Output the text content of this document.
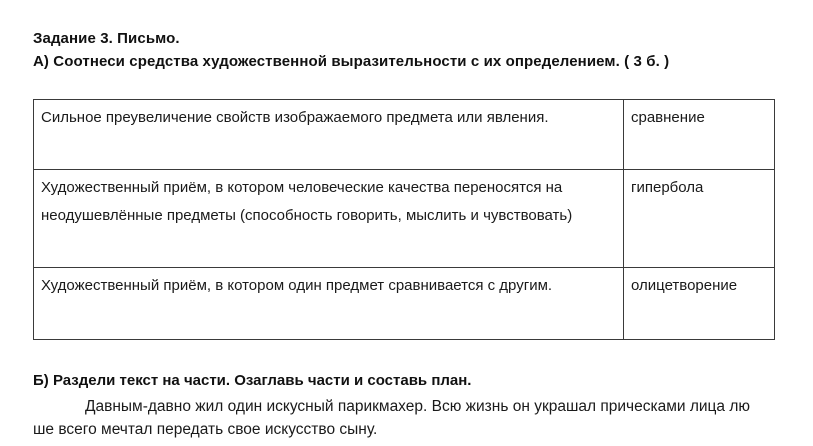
Задание 3. Письмо.
А) Соотнеси средства художественной выразительности с их определением. ( 3 б. )
Сильное преувеличение свойств изображаемого предмета или явления.	сравнение
Художественный приём, в котором человеческие качества переносятся на неодушевлённые предметы (способность говорить, мыслить и чувствовать)	гипербола
Художественный приём, в котором один предмет сравнивается с другим.	олицетворение
Б) Раздели текст на части. Озаглавь части и составь план.
Давным-давно жил один искусный парикмахер. Всю жизнь он украшал прическами лица лю
ше всего мечтал передать свое искусство сыну.
